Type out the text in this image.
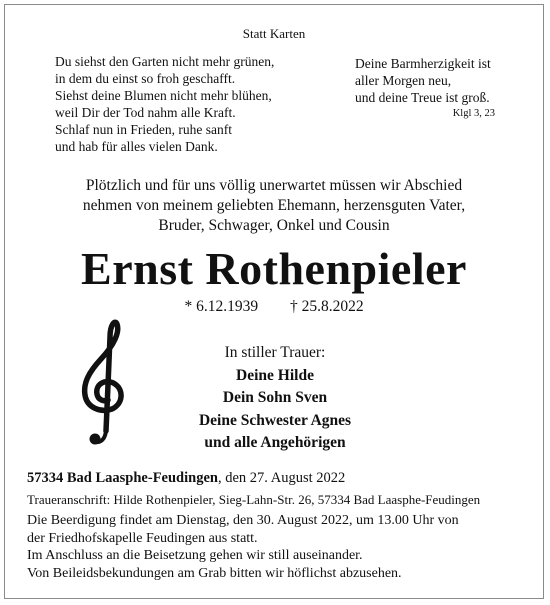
Statt Karten
Du siehst den Garten nicht mehr grünen,
in dem du einst so froh geschafft.
Siehst deine Blumen nicht mehr blühen,
weil Dir der Tod nahm alle Kraft.
Schlaf nun in Frieden, ruhe sanft
und hab für alles vielen Dank.
Deine Barmherzigkeit ist
aller Morgen neu,
und deine Treue ist groß.
Klgl 3, 23
Plötzlich und für uns völlig unerwartet müssen wir Abschied
nehmen von meinem geliebten Ehemann, herzensguten Vater,
Bruder, Schwager, Onkel und Cousin
Ernst Rothenpieler
* 6.12.1939 † 25.8.2022
In stiller Trauer:
Deine Hilde
Dein Sohn Sven
Deine Schwester Agnes
und alle Angehörigen
57334 Bad Laasphe-Feudingen, den 27. August 2022
Traueranschrift: Hilde Rothenpieler, Sieg-Lahn-Str. 26, 57334 Bad Laasphe-Feudingen
Die Beerdigung findet am Dienstag, den 30. August 2022, um 13.00 Uhr von
der Friedhofskapelle Feudingen aus statt.
Im Anschluss an die Beisetzung gehen wir still auseinander.
Von Beileidsbekundungen am Grab bitten wir höflichst abzusehen.
